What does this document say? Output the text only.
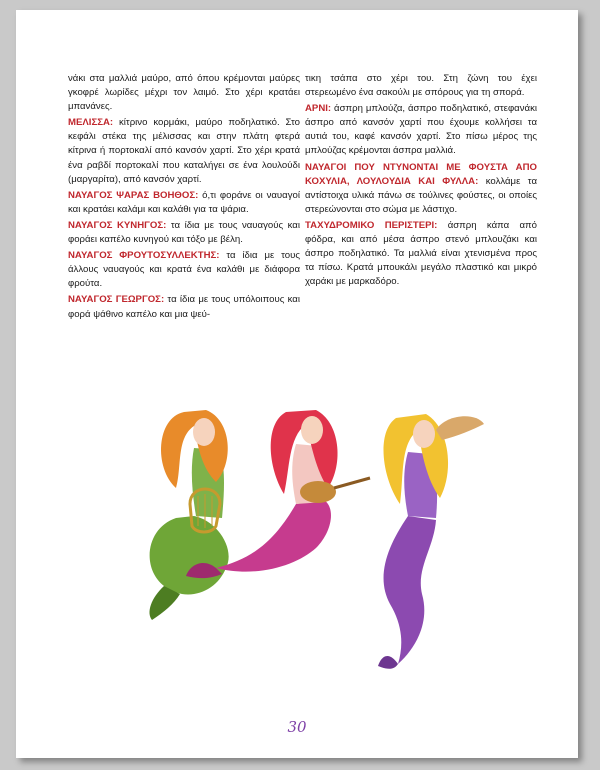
νάκι στα μαλλιά μαύρο, από όπου κρέμονται μαύρες γκοφρέ λωρίδες μέχρι τον λαιμό. Στο χέρι κρατάει μπανάνες.

ΜΕΛΙΣΣΑ: κίτρινο κορμάκι, μαύρο ποδηλατικό. Στο κεφάλι στέκα της μέλισσας και στην πλάτη φτερά κίτρινα ή πορτοκαλί από κανσόν χαρτί. Στο χέρι κρατά ένα ραβδί πορτοκαλί που καταλήγει σε ένα λουλούδι (μαργαρίτα), από κανσόν χαρτί.

ΝΑΥΑΓΟΣ ΨΑΡΑΣ ΒΟΗΘΟΣ: ό,τι φοράνε οι ναυαγοί και κρατάει καλάμι και καλάθι για τα ψάρια.

ΝΑΥΑΓΟΣ ΚΥΝΗΓΟΣ: τα ίδια με τους ναυαγούς και φοράει καπέλο κυνηγού και τόξο με βέλη.

ΝΑΥΑΓΟΣ ΦΡΟΥΤΟΣΥΛΛΕΚΤΗΣ: τα ίδια με τους άλλους ναυαγούς και κρατά ένα καλάθι με διάφορα φρούτα.

ΝΑΥΑΓΟΣ ΓΕΩΡΓΟΣ: τα ίδια με τους υπόλοιπους και φορά ψάθινο καπέλο και μια ψεύ-

τικη τσάπα στο χέρι του. Στη ζώνη του έχει στερεωμένο ένα σακούλι με σπόρους για τη σπορά.

ΑΡΝΙ: άσπρη μπλούζα, άσπρο ποδηλατικό, στεφανάκι άσπρο από κανσόν χαρτί που έχουμε κολλήσει τα αυτιά του, καφέ κανσόν χαρτί. Στο πίσω μέρος της μπλούζας κρέμονται άσπρα μαλλιά.

ΝΑΥΑΓΟΙ ΠΟΥ ΝΤΥΝΟΝΤΑΙ ΜΕ ΦΟΥΣΤΑ ΑΠΟ ΚΟΧΥΛΙΑ, ΛΟΥΛΟΥΔΙΑ ΚΑΙ ΦΥΛΛΑ: κολλάμε τα αντίστοιχα υλικά πάνω σε τούλινες φούστες, οι οποίες στερεώνονται στο σώμα με λάστιχο.

ΤΑΧΥΔΡΟΜΙΚΟ ΠΕΡΙΣΤΕΡΙ: άσπρη κάπα από φόδρα, και από μέσα άσπρο στενό μπλουζάκι και άσπρο ποδηλατικό. Τα μαλλιά είναι χτενισμένα προς τα πίσω. Κρατά μπουκάλι μεγάλο πλαστικό και μικρό χαράκι με μαρκαδόρο.

30
